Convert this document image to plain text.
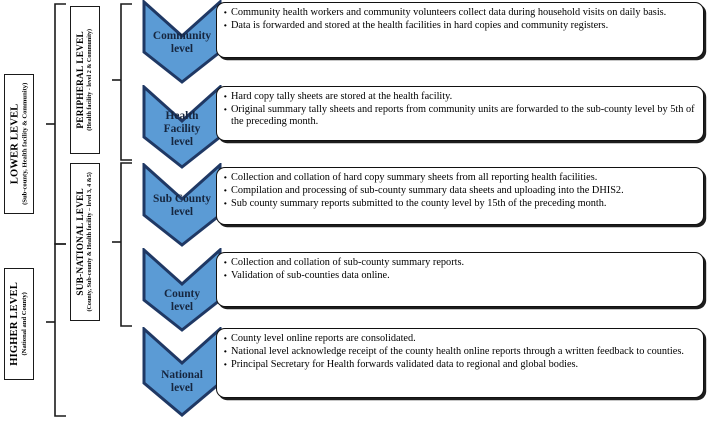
LOWER LEVEL (Sub-county, Health facility & Community)
HIGHER LEVEL (National and County)
PERIPHERAL LEVEL (Health facility - level 2 & Community)
SUB-NATIONAL LEVEL (County, Sub-county & Health facility – level 3, 4 &5)
Community
level
Health
Facility
level
Sub County
level
County
level
National
level
· Community health workers and community volunteers collect data during household visits on daily basis.
· Data is forwarded and stored at the health facilities in hard copies and community registers.
· Hard copy tally sheets are stored at the health facility.
· Original summary tally sheets and reports from community units are forwarded to the sub-county level by 5th of the preceding month.
· Collection and collation of hard copy summary sheets from all reporting health facilities.
· Compilation and processing of sub-county summary data sheets and uploading into the DHIS2.
· Sub county summary reports submitted to the county level by 15th of the preceding month.
· Collection and collation of sub-county summary reports.
· Validation of sub-counties data online.
· County level online reports are consolidated.
· National level acknowledge receipt of the county health online reports through a written feedback to counties.
· Principal Secretary for Health forwards validated data to regional and global bodies.
